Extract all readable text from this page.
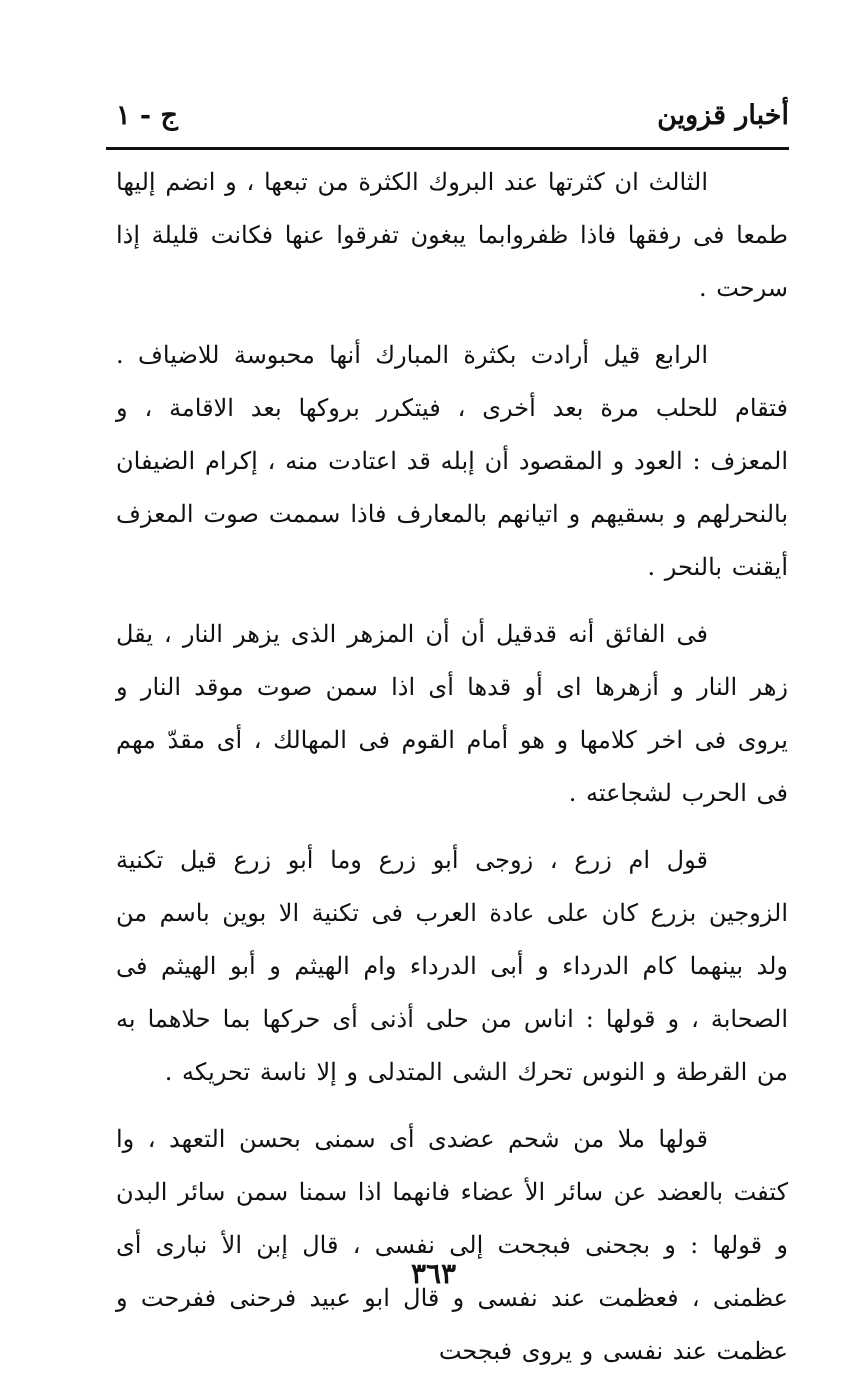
أخبار قزوين
ج - ١

الثالث ان كثرتها عند البروك الكثرة من تبعها ، و انضم إليها طمعا فى رفقها فاذا ظفروابما يبغون تفرقوا عنها فكانت قليلة إذا سرحت .

الرابع قيل أرادت بكثرة المبارك أنها محبوسة للاضياف . فتقام للحلب مرة بعد أخرى ، فيتكرر بروكها بعد الاقامة ، و المعزف : العود و المقصود أن إبله قد اعتادت منه ، إكرام الضيفان بالنحرلهم و بسقيهم و اتيانهم بالمعارف فاذا سممت صوت المعزف أيقنت بالنحر .

فى الفائق أنه قدقيل أن أن المزهر الذى يزهر النار ، يقل زهر النار و أزهرها اى أو قدها أى اذا سمن صوت موقد النار و يروى فى اخر كلامها و هو أمام القوم فى المهالك ، أى مقدّ مهم فى الحرب لشجاعته .

قول ام زرع ، زوجى أبو زرع وما أبو زرع قيل تكنية الزوجين بزرع كان على عادة العرب فى تكنية الا بوين باسم من ولد بينهما كام الدرداء و أبى الدرداء وام الهيثم و أبو الهيثم فى الصحابة ، و قولها : اناس من حلى أذنى أى حركها بما حلاهما به من القرطة و النوس تحرك الشى المتدلى و إلا ناسة تحريكه .

قولها ملا من شحم عضدى أى سمنى بحسن التعهد ، وا كتفت بالعضد عن سائر الأ عضاء فانهما اذا سمنا سمن سائر البدن و قولها : و بجحنى فبجحت إلى نفسى ، قال إبن الأ نبارى أى عظمنى ، فعظمت عند نفسى و قال ابو عبيد فرحنى ففرحت و عظمت عند نفسى و يروى فبجحت

٣٦٣
